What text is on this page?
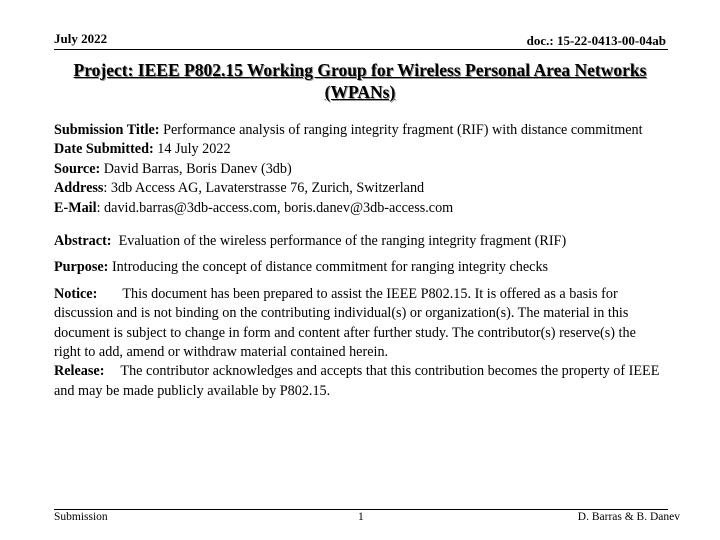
July 2022	doc.: 15-22-0413-00-04ab
Project: IEEE P802.15 Working Group for Wireless Personal Area Networks
(WPANs)

Submission Title: Performance analysis of ranging integrity fragment (RIF) with distance commitment

Date Submitted: 14 July 2022

Source: David Barras, Boris Danev (3db)

Address: 3db Access AG, Lavaterstrasse 76, Zurich, Switzerland

E-Mail: david.barras@3db-access.com, boris.danev@3db-access.com

Abstract: Evaluation of the wireless performance of the ranging integrity fragment (RIF)

Purpose: Introducing the concept of distance commitment for ranging integrity checks

Notice: This document has been prepared to assist the IEEE P802.15. It is offered as a basis for discussion and is not binding on the contributing individual(s) or organization(s). The material in this document is subject to change in form and content after further study. The contributor(s) reserve(s) the right to add, amend or withdraw material contained herein.

Release: The contributor acknowledges and accepts that this contribution becomes the property of IEEE and may be made publicly available by P802.15.

Submission	1	D. Barras & B. Danev
